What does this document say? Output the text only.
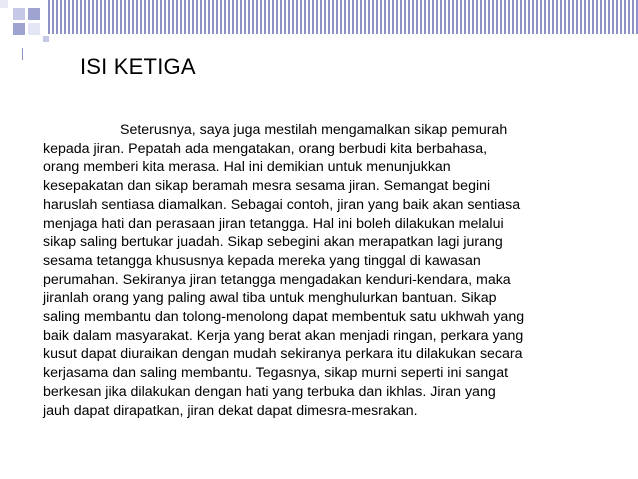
ISI KETIGA

Seterusnya, saya juga mestilah mengamalkan sikap pemurah
kepada jiran. Pepatah ada mengatakan, orang berbudi kita berbahasa,
orang memberi kita merasa. Hal ini demikian untuk menunjukkan
kesepakatan dan sikap beramah mesra sesama jiran. Semangat begini
haruslah sentiasa diamalkan. Sebagai contoh, jiran yang baik akan sentiasa
menjaga hati dan perasaan jiran tetangga. Hal ini boleh dilakukan melalui
sikap saling bertukar juadah. Sikap sebegini akan merapatkan lagi jurang
sesama tetangga khususnya kepada mereka yang tinggal di kawasan
perumahan. Sekiranya jiran tetangga mengadakan kenduri-kendara, maka
jiranlah orang yang paling awal tiba untuk menghulurkan bantuan. Sikap
saling membantu dan tolong-menolong dapat membentuk satu ukhwah yang
baik dalam masyarakat. Kerja yang berat akan menjadi ringan, perkara yang
kusut dapat diuraikan dengan mudah sekiranya perkara itu dilakukan secara
kerjasama dan saling membantu. Tegasnya, sikap murni seperti ini sangat
berkesan jika dilakukan dengan hati yang terbuka dan ikhlas. Jiran yang
jauh dapat dirapatkan, jiran dekat dapat dimesra-mesrakan.
